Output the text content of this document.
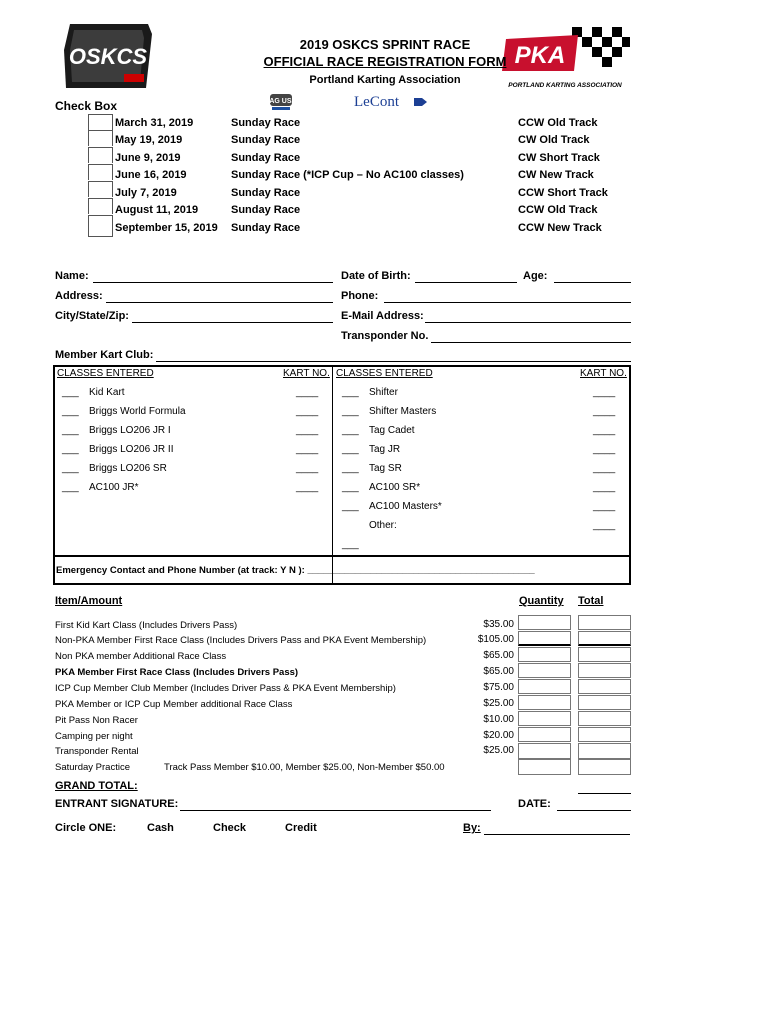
OSKCS	PKA
PORTLAND KARTING ASSOCIATION
JAG USA	LeCont
2019 OSKCS SPRINT RACE
OFFICIAL RACE REGISTRATION FORM
Portland Karting Association
Check Box
March 31, 2019	Sunday Race	CCW Old Track
May 19, 2019	Sunday Race	CW Old Track
June 9, 2019	Sunday Race	CW Short Track
June 16, 2019	Sunday Race (*ICP Cup – No AC100 classes)	CW New Track
July 7, 2019	Sunday Race	CCW Short Track
August 11, 2019	Sunday Race	CCW Old Track
September 15, 2019 Sunday Race	CCW New Track
Name:	Date of Birth:	Age:
Address:	Phone:
City/State/Zip:	E-Mail Address:
Transponder No.
Member Kart Club:
CLASSES ENTERED	KART NO. CLASSES ENTERED	KART NO.
___ Kid Kart	____
___ Briggs World Formula	____
___ Briggs LO206 JR I	____
___ Briggs LO206 JR II	____
___ Briggs LO206 SR	____
___ AC100 JR*	____
___ Shifter	____
___ Shifter Masters	____
___ Tag Cadet	____
___ Tag JR	____
___ Tag SR	____
___ AC100 SR*	____
___ AC100 Masters*	____
Other:	____
___
Emergency Contact and Phone Number (at track: Y N ): ___________________________________________
Item/Amount	Quantity Total
First Kid Kart Class (Includes Drivers Pass)	$35.00
Non-PKA Member First Race Class (Includes Drivers Pass and PKA Event Membership)	$105.00
Non PKA member Additional Race Class	$65.00
PKA Member First Race Class (Includes Drivers Pass)	$65.00
ICP Cup Member Club Member (Includes Driver Pass & PKA Event Membership)	$75.00
PKA Member or ICP Cup Member additional Race Class	$25.00
Pit Pass Non Racer	$10.00
Camping per night	$20.00
Transponder Rental	$25.00
Saturday Practice	Track Pass Member $10.00, Member $25.00, Non-Member $50.00
GRAND TOTAL:
ENTRANT SIGNATURE:	DATE:
Circle ONE:	Cash	Check	Credit	By:
